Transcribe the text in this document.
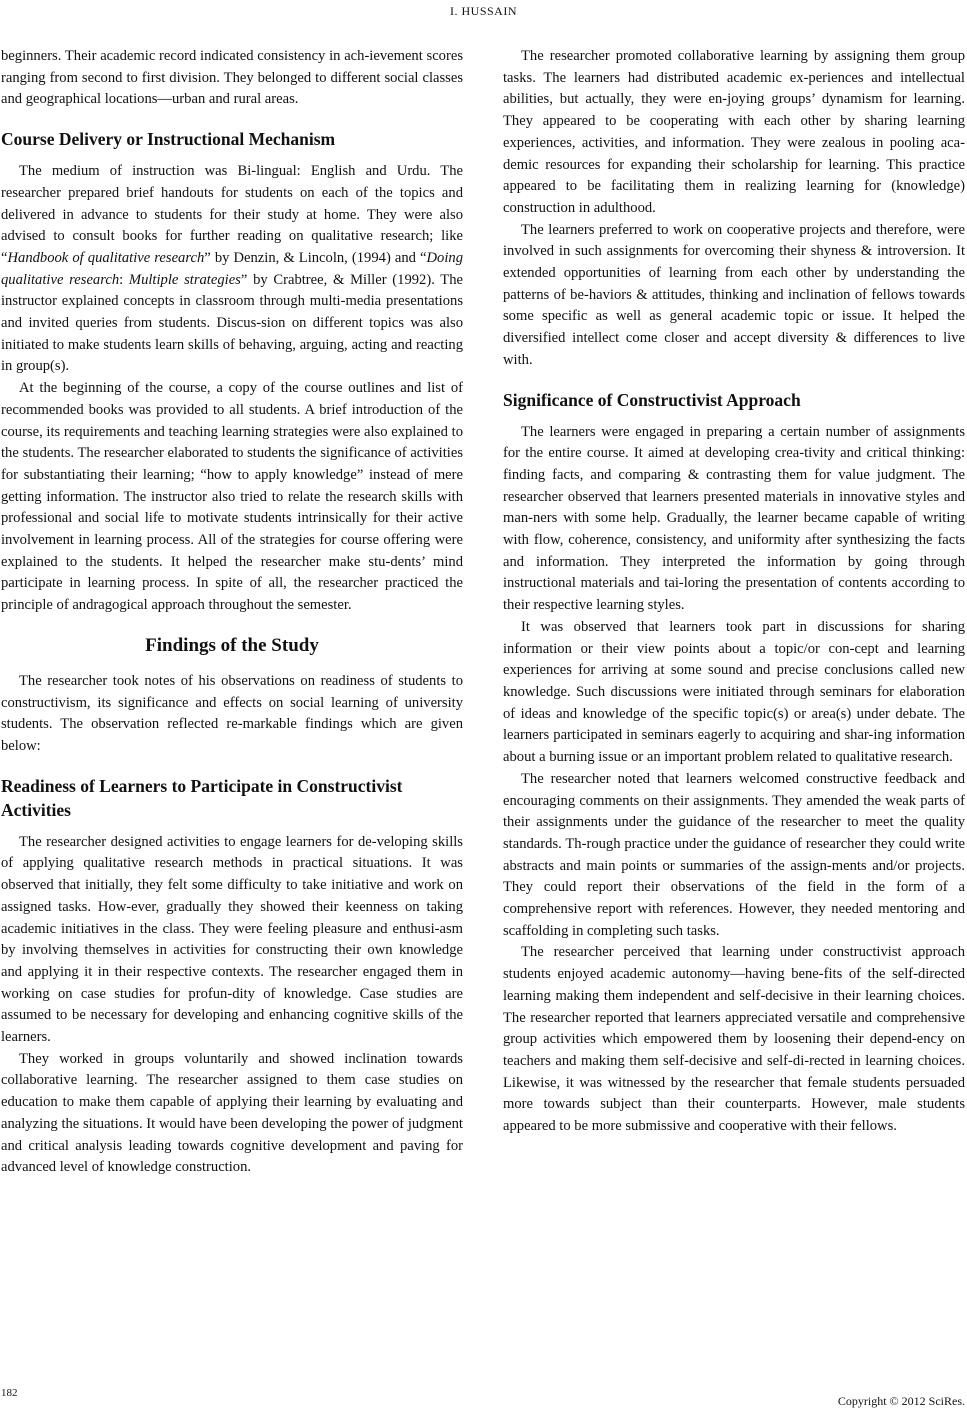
I. HUSSAIN

beginners. Their academic record indicated consistency in ach-ievement scores ranging from second to first division. They belonged to different social classes and geographical locations—urban and rural areas.

Course Delivery or Instructional Mechanism

The medium of instruction was Bi-lingual: English and Urdu. The researcher prepared brief handouts for students on each of the topics and delivered in advance to students for their study at home. They were also advised to consult books for further reading on qualitative research; like “Handbook of qualitative research” by Denzin, & Lincoln, (1994) and “Doing qualitative research: Multiple strategies” by Crabtree, & Miller (1992). The instructor explained concepts in classroom through multi-media presentations and invited queries from students. Discus-sion on different topics was also initiated to make students learn skills of behaving, arguing, acting and reacting in group(s).

At the beginning of the course, a copy of the course outlines and list of recommended books was provided to all students. A brief introduction of the course, its requirements and teaching learning strategies were also explained to the students. The researcher elaborated to students the significance of activities for substantiating their learning; “how to apply knowledge” instead of mere getting information. The instructor also tried to relate the research skills with professional and social life to motivate students intrinsically for their active involvement in learning process. All of the strategies for course offering were explained to the students. It helped the researcher make stu-dents’ mind participate in learning process. In spite of all, the researcher practiced the principle of andragogical approach throughout the semester.

Findings of the Study

The researcher took notes of his observations on readiness of students to constructivism, its significance and effects on social learning of university students. The observation reflected re-markable findings which are given below:

Readiness of Learners to Participate in Constructivist Activities

The researcher designed activities to engage learners for de-veloping skills of applying qualitative research methods in practical situations. It was observed that initially, they felt some difficulty to take initiative and work on assigned tasks. How-ever, gradually they showed their keenness on taking academic initiatives in the class. They were feeling pleasure and enthusi-asm by involving themselves in activities for constructing their own knowledge and applying it in their respective contexts. The researcher engaged them in working on case studies for profun-dity of knowledge. Case studies are assumed to be necessary for developing and enhancing cognitive skills of the learners.

They worked in groups voluntarily and showed inclination towards collaborative learning. The researcher assigned to them case studies on education to make them capable of applying their learning by evaluating and analyzing the situations. It would have been developing the power of judgment and critical analysis leading towards cognitive development and paving for advanced level of knowledge construction.

The researcher promoted collaborative learning by assigning them group tasks. The learners had distributed academic ex-periences and intellectual abilities, but actually, they were en-joying groups’ dynamism for learning. They appeared to be cooperating with each other by sharing learning experiences, activities, and information. They were zealous in pooling aca-demic resources for expanding their scholarship for learning. This practice appeared to be facilitating them in realizing learning for (knowledge) construction in adulthood.

The learners preferred to work on cooperative projects and therefore, were involved in such assignments for overcoming their shyness & introversion. It extended opportunities of learning from each other by understanding the patterns of be-haviors & attitudes, thinking and inclination of fellows towards some specific as well as general academic topic or issue. It helped the diversified intellect come closer and accept diversity & differences to live with.

Significance of Constructivist Approach

The learners were engaged in preparing a certain number of assignments for the entire course. It aimed at developing crea-tivity and critical thinking: finding facts, and comparing & contrasting them for value judgment. The researcher observed that learners presented materials in innovative styles and man-ners with some help. Gradually, the learner became capable of writing with flow, coherence, consistency, and uniformity after synthesizing the facts and information. They interpreted the information by going through instructional materials and tai-loring the presentation of contents according to their respective learning styles.

It was observed that learners took part in discussions for sharing information or their view points about a topic/or con-cept and learning experiences for arriving at some sound and precise conclusions called new knowledge. Such discussions were initiated through seminars for elaboration of ideas and knowledge of the specific topic(s) or area(s) under debate. The learners participated in seminars eagerly to acquiring and shar-ing information about a burning issue or an important problem related to qualitative research.

The researcher noted that learners welcomed constructive feedback and encouraging comments on their assignments. They amended the weak parts of their assignments under the guidance of the researcher to meet the quality standards. Th-rough practice under the guidance of researcher they could write abstracts and main points or summaries of the assign-ments and/or projects. They could report their observations of the field in the form of a comprehensive report with references. However, they needed mentoring and scaffolding in completing such tasks.

The researcher perceived that learning under constructivist approach students enjoyed academic autonomy—having bene-fits of the self-directed learning making them independent and self-decisive in their learning choices. The researcher reported that learners appreciated versatile and comprehensive group activities which empowered them by loosening their depend-ency on teachers and making them self-decisive and self-di-rected in learning choices. Likewise, it was witnessed by the researcher that female students persuaded more towards subject than their counterparts. However, male students appeared to be more submissive and cooperative with their fellows.

182
Copyright © 2012 SciRes.
